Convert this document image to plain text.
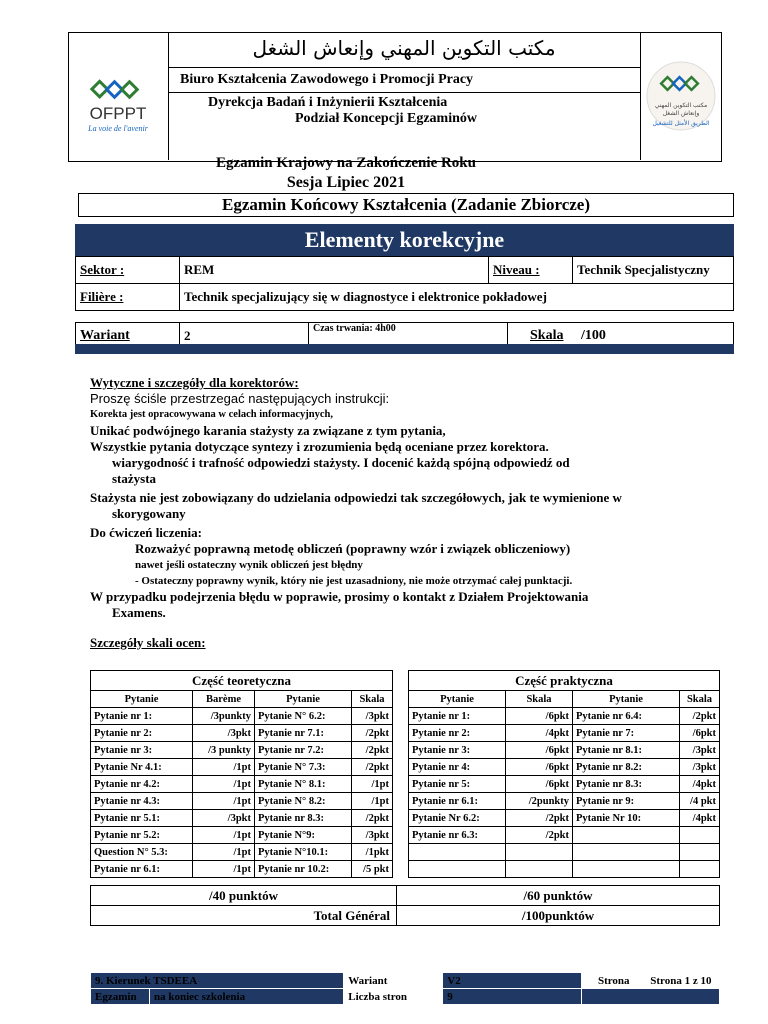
OFPPT
La voie de l'avenir
مكتب التكوين المهني وإنعاش الشغل
الطريق الأمثل للتشغيل
مكتب التكوين المهني وإنعاش الشغل
Biuro Kształcenia Zawodowego i Promocji Pracy
Dyrekcja Badań i Inżynierii Kształcenia
Podział Koncepcji Egzaminów
Egzamin Krajowy na Zakończenie Roku
Sesja Lipiec 2021
Egzamin Końcowy Kształcenia (Zadanie Zbiorcze)
Elementy korekcyjne
Sektor :	REM	Niveau :	Technik Specjalistyczny
Filière :	Technik specjalizujący się w diagnostyce i elektronice pokładowej		
Wariant	2	Czas trwania: 4h00	Skala /100

Wytyczne i szczegóły dla korektorów:

Proszę ściśle przestrzegać następujących instrukcji:

Korekta jest opracowywana w celach informacyjnych,

Unikać podwójnego karania stażysty za związane z tym pytania,

Wszystkie pytania dotyczące syntezy i zrozumienia będą oceniane przez korektora.

wiarygodność i trafność odpowiedzi stażysty. I docenić każdą spójną odpowiedź od

stażysta

Stażysta nie jest zobowiązany do udzielania odpowiedzi tak szczegółowych, jak te wymienione w

skorygowany

Do ćwiczeń liczenia:

Rozważyć poprawną metodę obliczeń (poprawny wzór i związek obliczeniowy)

nawet jeśli ostateczny wynik obliczeń jest błędny

- Ostateczny poprawny wynik, który nie jest uzasadniony, nie może otrzymać całej punktacji.

W przypadku podejrzenia błędu w poprawie, prosimy o kontakt z Działem Projektowania

Examens.

Szczegóły skali ocen:

Część teoretyczna			
Pytanie	Barème	Pytanie	Skala
Pytanie nr 1:	/3punkty	Pytanie N° 6.2:	/3pkt
Pytanie nr 2:	/3pkt	Pytanie nr 7.1:	/2pkt
Pytanie nr 3:	/3 punkty	Pytanie nr 7.2:	/2pkt
Pytanie Nr 4.1:	/1pt	Pytanie N° 7.3:	/2pkt
Pytanie nr 4.2:	/1pt	Pytanie N° 8.1:	/1pt
Pytanie nr 4.3:	/1pt	Pytanie N° 8.2:	/1pt
Pytanie nr 5.1:	/3pkt	Pytanie nr 8.3:	/2pkt
Pytanie nr 5.2:	/1pt	Pytanie N°9:	/3pkt
Question N° 5.3:	/1pt	Pytanie N°10.1:	/1pkt
Pytanie nr 6.1:	/1pt	Pytanie nr 10.2:	/5 pkt
Część praktyczna			
Pytanie	Skala	Pytanie	Skala
Pytanie nr 1:	/6pkt	Pytanie nr 6.4:	/2pkt
Pytanie nr 2:	/4pkt	Pytanie nr 7:	/6pkt
Pytanie nr 3:	/6pkt	Pytanie nr 8.1:	/3pkt
Pytanie nr 4:	/6pkt	Pytanie nr 8.2:	/3pkt
Pytanie nr 5:	/6pkt	Pytanie nr 8.3:	/4pkt
Pytanie nr 6.1:	/2punkty	Pytanie nr 9:	/4 pkt
Pytanie Nr 6.2:	/2pkt	Pytanie Nr 10:	/4pkt
Pytanie nr 6.3:	/2pkt		

/40 punktów	/60 punktów
Total Général	/100punktów
9. Kierunek TSDEEA		Wariant	V2	Strona	Strona 1 z 10
Egzamin	na koniec szkolenia	Liczba stron	9		
